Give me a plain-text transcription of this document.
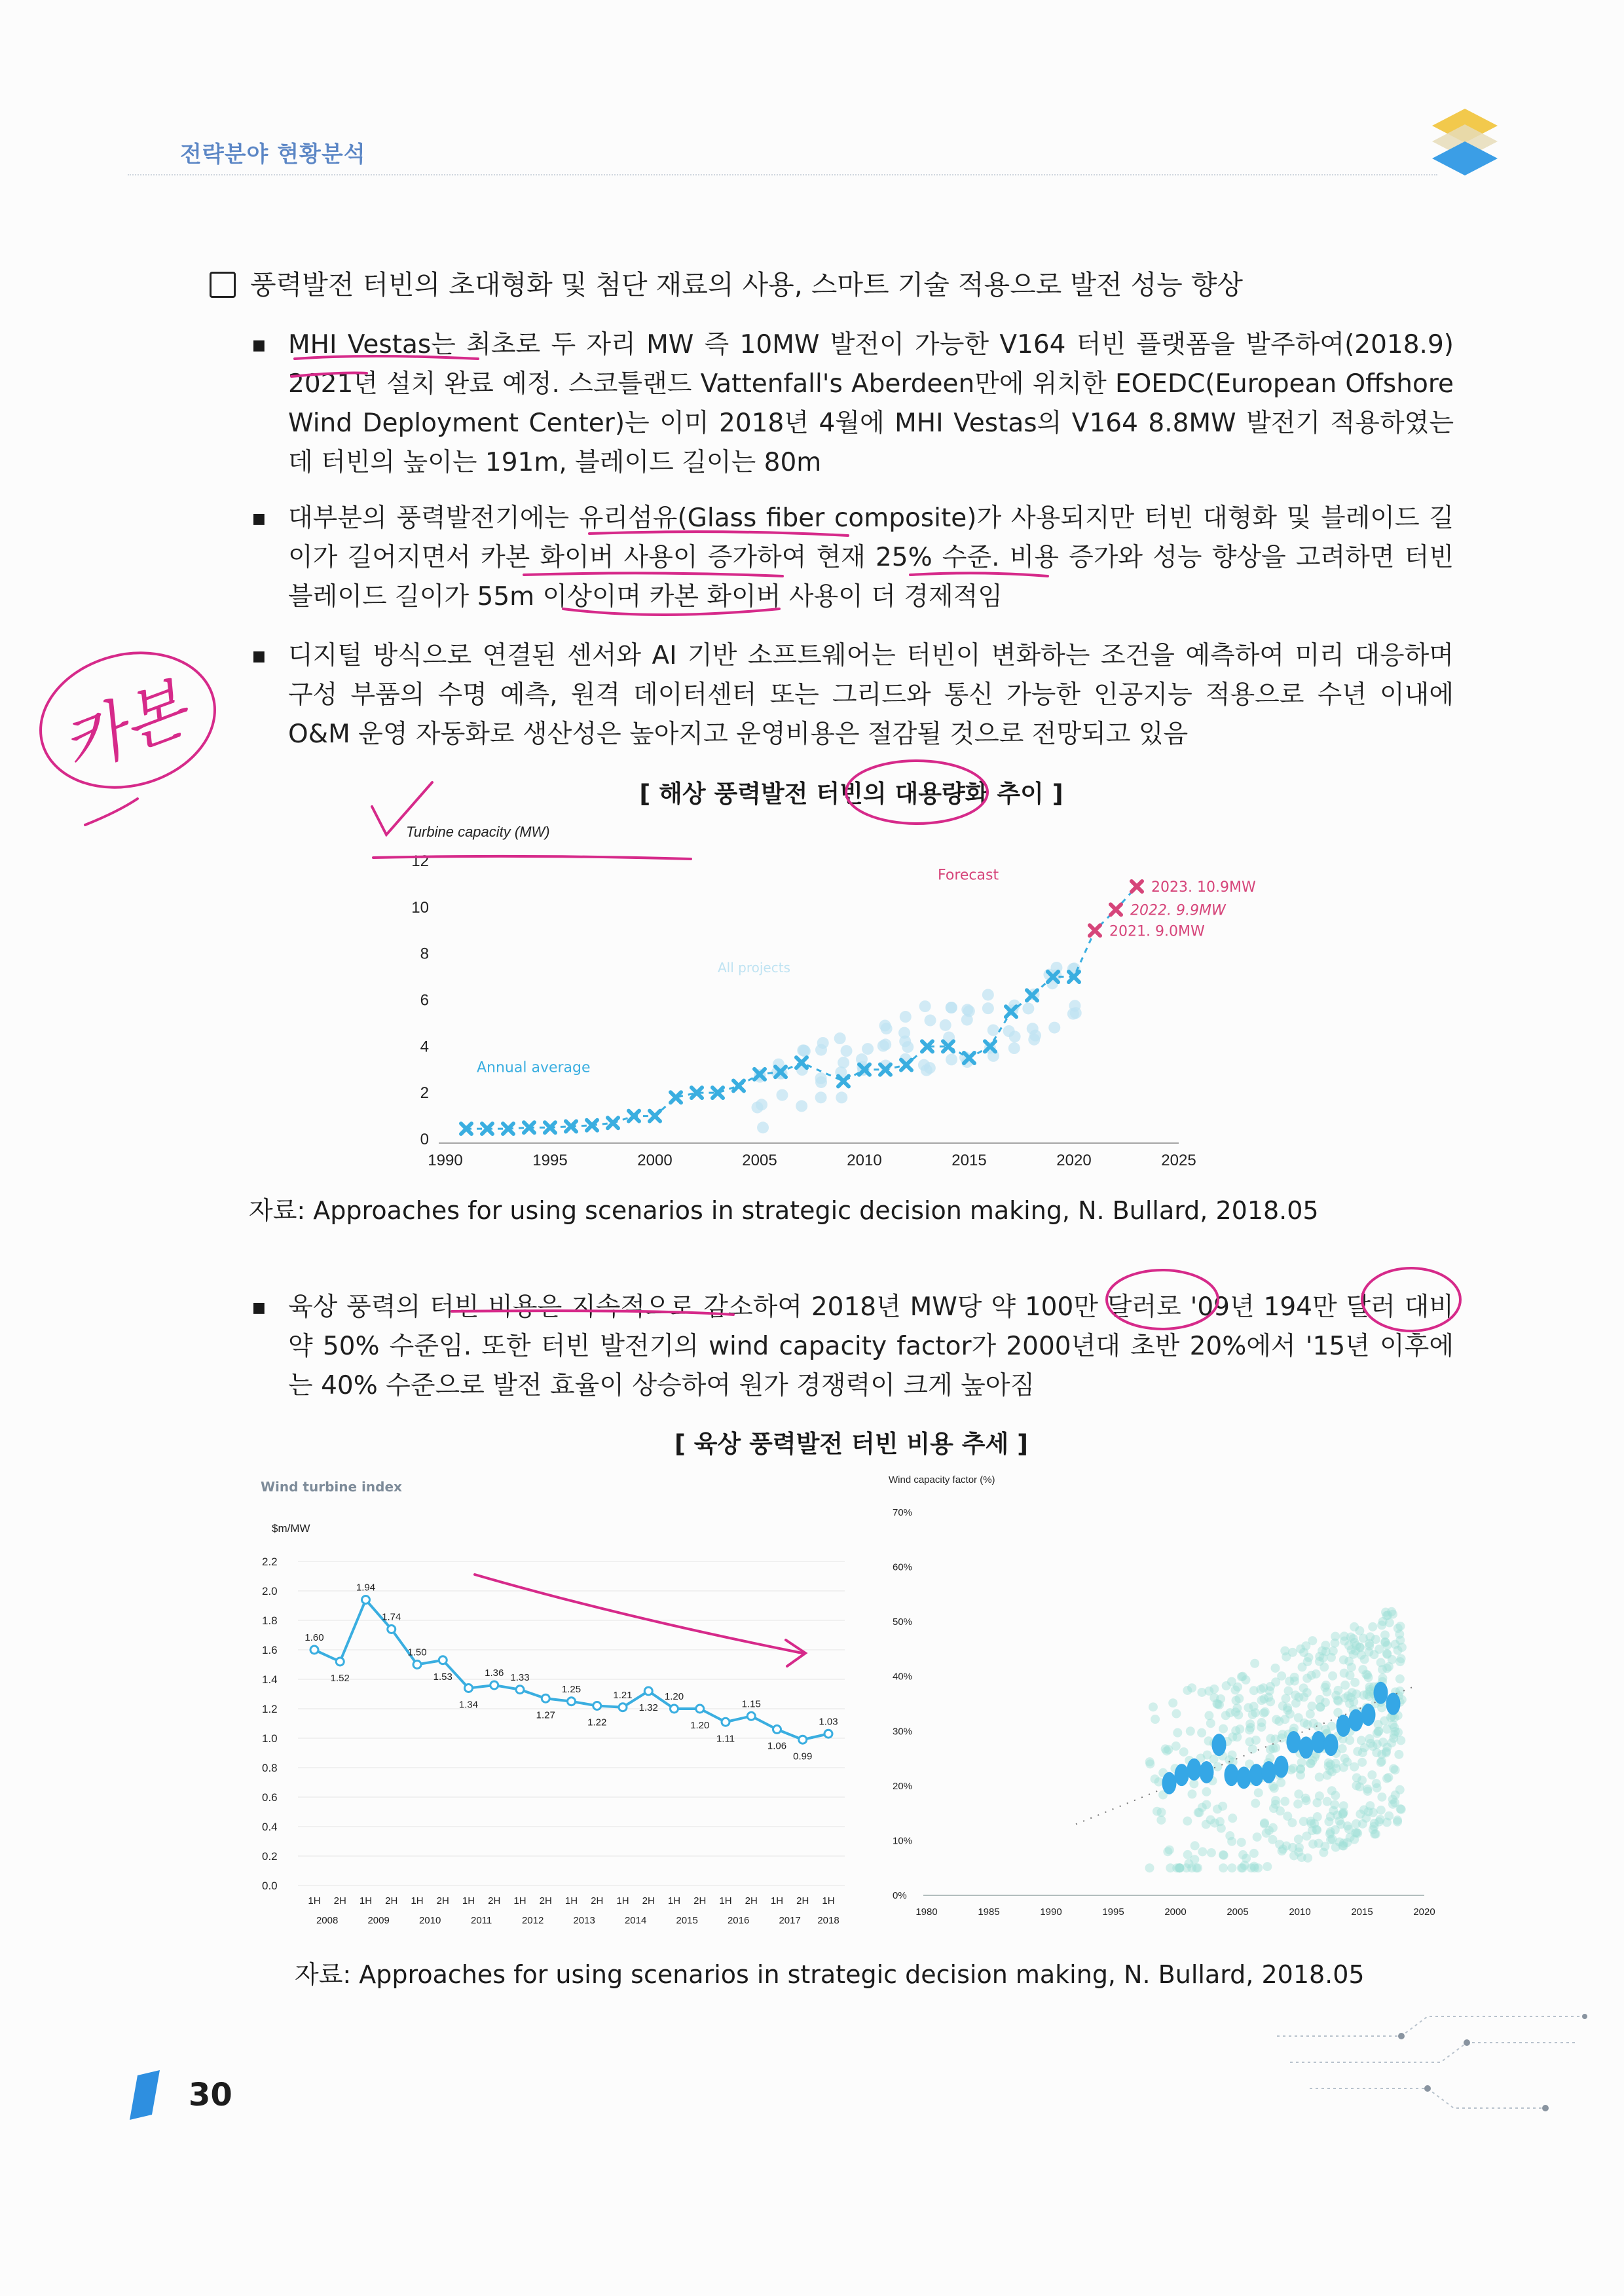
전략분야 현황분석
풍력발전 터빈의 초대형화 및 첨단 재료의 사용, 스마트 기술 적용으로 발전 성능 향상
■ MHI Vestas는 최초로 두 자리 MW 즉 10MW 발전이 가능한 V164 터빈 플랫폼을 발주하여(2018.9) 2021년 설치 완료 예정. 스코틀랜드 Vattenfall's Aberdeen만에 위치한 EOEDC(European Offshore Wind Deployment Center)는 이미 2018년 4월에 MHI Vestas의 V164 8.8MW 발전기 적용하였는데 터빈의 높이는 191m, 블레이드 길이는 80m
■ 대부분의 풍력발전기에는 유리섬유(Glass fiber composite)가 사용되지만 터빈 대형화 및 블레이드 길이가 길어지면서 카본 화이버 사용이 증가하여 현재 25% 수준. 비용 증가와 성능 향상을 고려하면 터빈 블레이드 길이가 55m 이상이며 카본 화이버 사용이 더 경제적임
■ 디지털 방식으로 연결된 센서와 AI 기반 소프트웨어는 터빈이 변화하는 조건을 예측하여 미리 대응하며 구성 부품의 수명 예측, 원격 데이터센터 또는 그리드와 통신 가능한 인공지능 적용으로 수년 이내에 O&M 운영 자동화로 생산성은 높아지고 운영비용은 절감될 것으로 전망되고 있음
[ 해상 풍력발전 터빈의 대용량화 추이 ]
Turbine capacity (MW)
0
2
4
6
8
10
12
1990	1995	2000	2005	2010	2015	2020	2025
All projects
Annual average
Forecast
2021. 9.0MW
2022. 9.9MW
2023. 10.9MW
자료: Approaches for using scenarios in strategic decision making, N. Bullard, 2018.05
■ 육상 풍력의 터빈 비용은 지속적으로 감소하여 2018년 MW당 약 100만 달러로 '09년 194만 달러 대비 약 50% 수준임. 또한 터빈 발전기의 wind capacity factor가 2000년대 초반 20%에서 '15년 이후에는 40% 수준으로 발전 효율이 상승하여 원가 경쟁력이 크게 높아짐
[ 육상 풍력발전 터빈 비용 추세 ]
Wind turbine index
$m/MW
0.0
0.2
0.4
0.6
0.8
1.0
1.2
1.4
1.6
1.8
2.0
2.2
1H 2H 1H 2H 1H 2H 1H 2H 1H 2H 1H 2H 1H 2H 1H 2H 1H 2H 1H 2H 1H
2008	2009	2010	2011	2012	2013	2014	2015	2016	2017 2018
1.60
1.52
1.94
1.74
1.50
1.53
1.34
1.36 1.33
1.27
1.25
1.22
1.21
1.32
1.20
1.20
1.11
1.15
1.06
0.99
1.03
Wind capacity factor (%)
0%
10%
20%
30%
40%
50%
60%
70%
1980	1985	1990	1995	2000	2005	2010	2015	2020
자료: Approaches for using scenarios in strategic decision making, N. Bullard, 2018.05
카본
30
